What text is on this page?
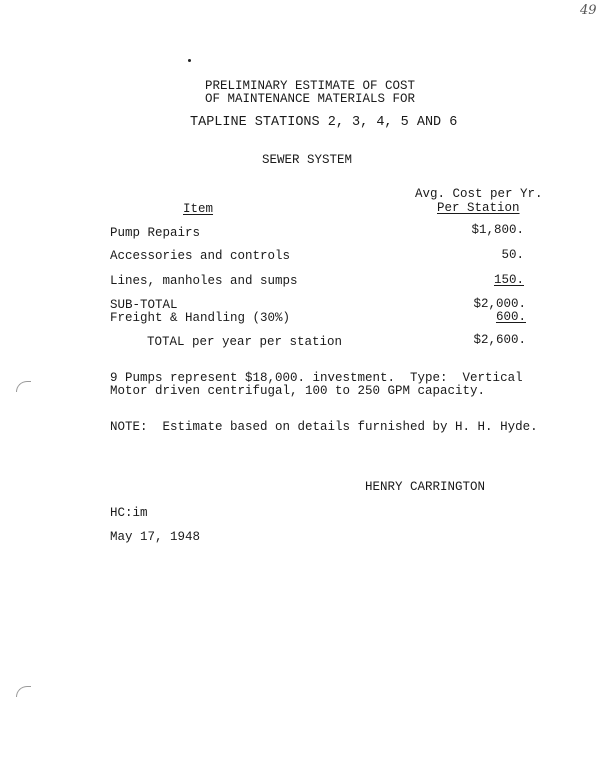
49
PRELIMINARY ESTIMATE OF COST
OF MAINTENANCE MATERIALS FOR
TAPLINE STATIONS 2, 3, 4, 5 AND 6
SEWER SYSTEM
Avg. Cost per Yr.
Per Station
Item
Pump Repairs	$1,800.
Accessories and controls	50.
Lines, manholes and sumps	150.
SUB-TOTAL	$2,000.
Freight & Handling (30%)	600.
TOTAL per year per station	$2,600.
9 Pumps represent $18,000. investment.  Type:  Vertical
Motor driven centrifugal, 100 to 250 GPM capacity.
NOTE:  Estimate based on details furnished by H. H. Hyde.
HENRY CARRINGTON
HC:im
May 17, 1948
